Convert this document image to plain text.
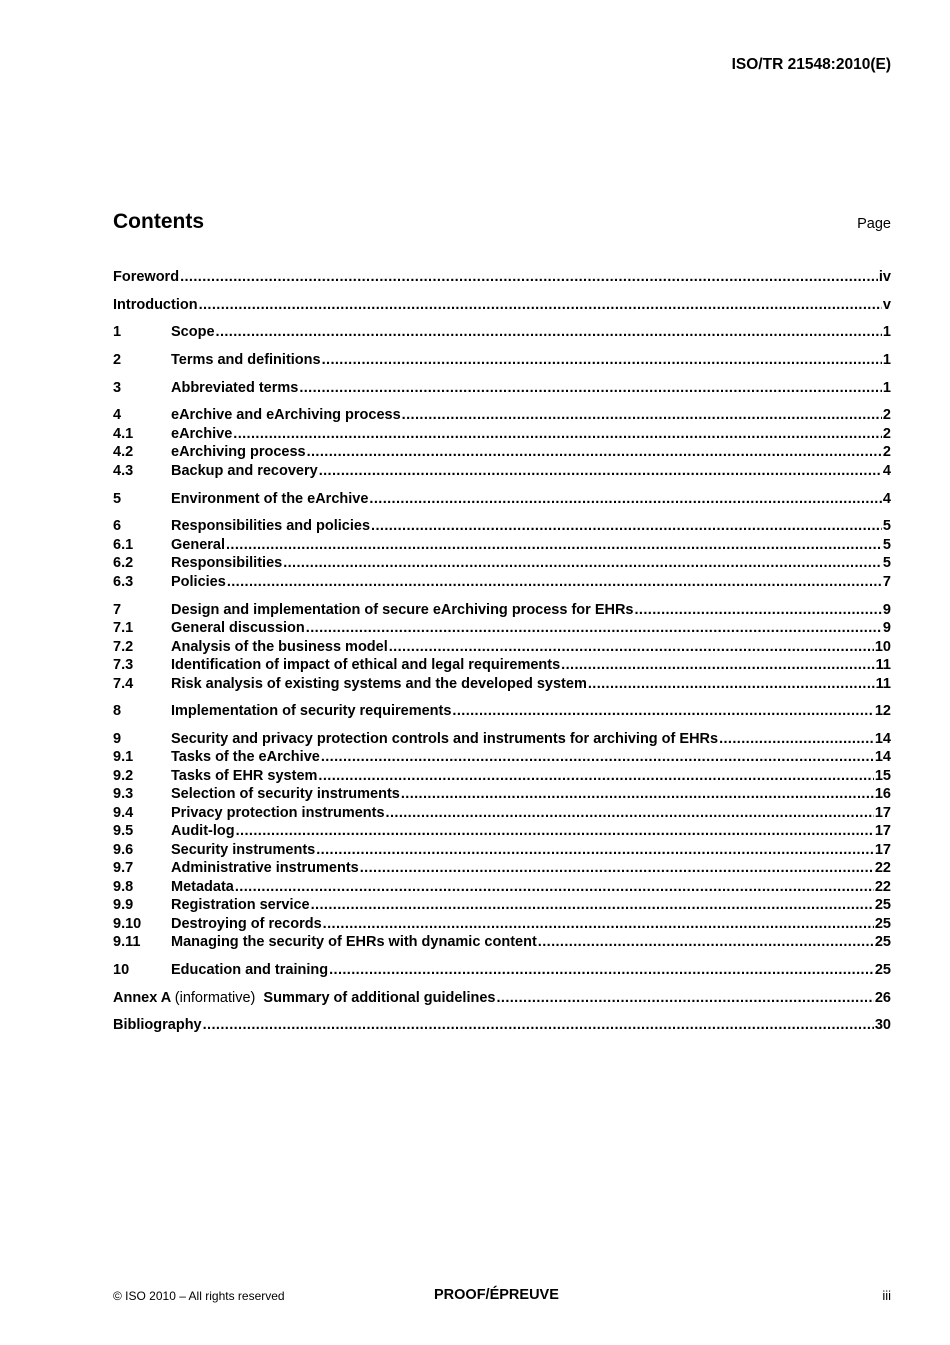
ISO/TR 21548:2010(E)
Contents	Page
Foreword .....	iv
Introduction .....	v
1	Scope .....	1
2	Terms and definitions .....	1
3	Abbreviated terms .....	1
4	eArchive and eArchiving process .....	2
4.1	eArchive .....	2
4.2	eArchiving process .....	2
4.3	Backup and recovery .....	4
5	Environment of the eArchive .....	4
6	Responsibilities and policies .....	5
6.1	General .....	5
6.2	Responsibilities .....	5
6.3	Policies .....	7
7	Design and implementation of secure eArchiving process for EHRs .....	9
7.1	General discussion .....	9
7.2	Analysis of the business model .....	10
7.3	Identification of impact of ethical and legal requirements .....	11
7.4	Risk analysis of existing systems and the developed system .....	11
8	Implementation of security requirements .....	12
9	Security and privacy protection controls and instruments for archiving of EHRs .....	14
9.1	Tasks of the eArchive .....	14
9.2	Tasks of EHR system .....	15
9.3	Selection of security instruments .....	16
9.4	Privacy protection instruments .....	17
9.5	Audit-log .....	17
9.6	Security instruments .....	17
9.7	Administrative instruments .....	22
9.8	Metadata .....	22
9.9	Registration service .....	25
9.10	Destroying of records .....	25
9.11	Managing the security of EHRs with dynamic content .....	25
10	Education and training .....	25
Annex A (informative) Summary of additional guidelines .....	26
Bibliography .....	30
© ISO 2010 – All rights reserved	PROOF/ÉPREUVE	iii
